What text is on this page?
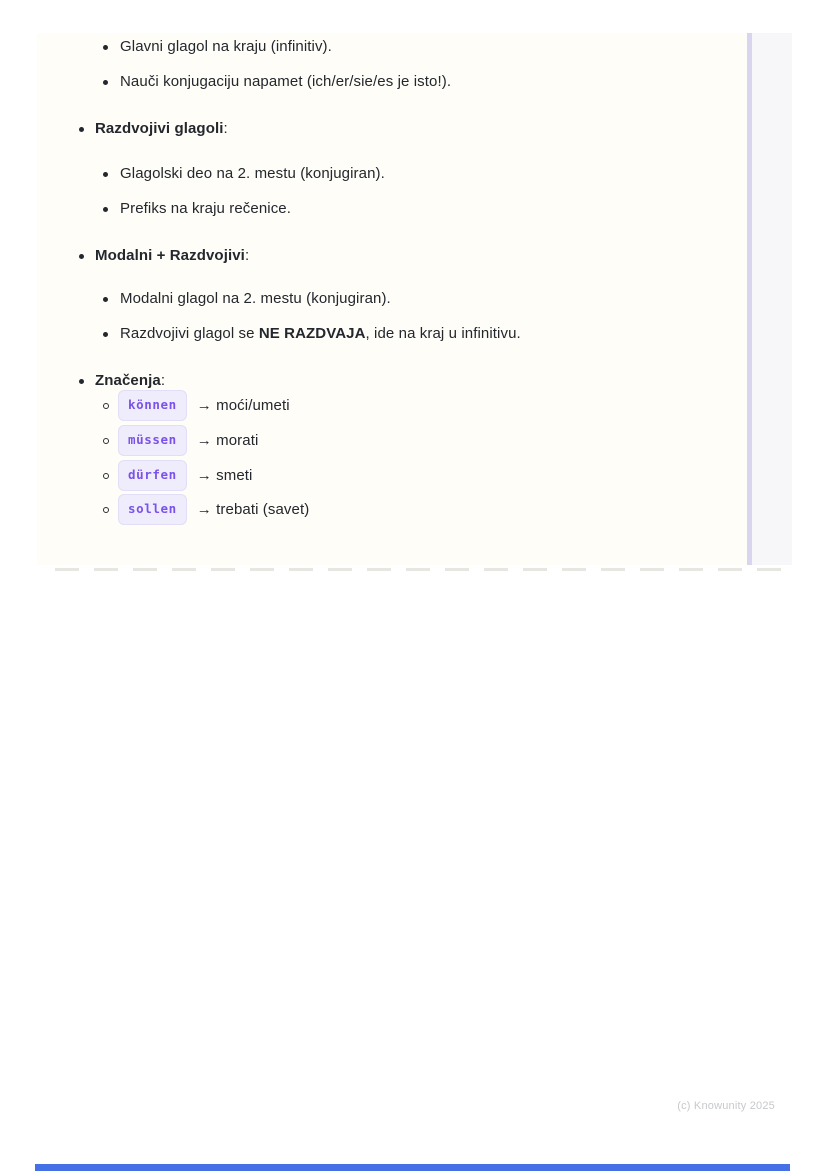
Glavni glagol na kraju (infinitiv).
Nauči konjugaciju napamet (ich/er/sie/es je isto!).
Razdvojivi glagoli:
Glagolski deo na 2. mestu (konjugiran).
Prefiks na kraju rečenice.
Modalni + Razdvojivi:
Modalni glagol na 2. mestu (konjugiran).
Razdvojivi glagol se NE RAZDVAJA, ide na kraj u infinitivu.
Značenja:
können	→ moći/umeti
müssen	→ morati
dürfen	→ smeti
sollen	→ trebati (savet)
(c) Knowunity 2025
